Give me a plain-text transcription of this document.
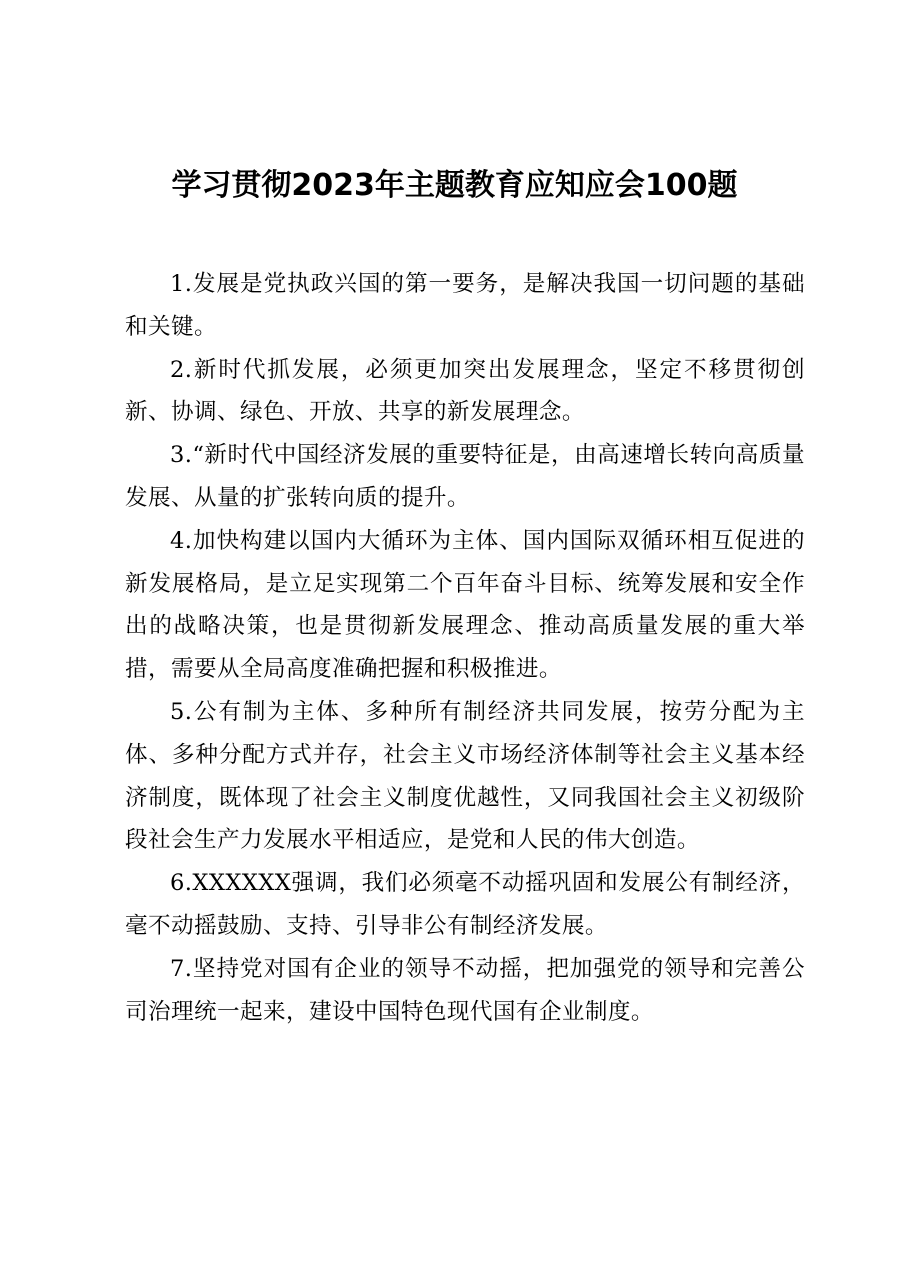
学习贯彻2023年主题教育应知应会100题

1.发展是党执政兴国的第一要务，是解决我国一切问题的基础和关键。

2.新时代抓发展，必须更加突出发展理念，坚定不移贯彻创新、协调、绿色、开放、共享的新发展理念。

3.“新时代中国经济发展的重要特征是，由高速增长转向高质量发展、从量的扩张转向质的提升。

4.加快构建以国内大循环为主体、国内国际双循环相互促进的新发展格局，是立足实现第二个百年奋斗目标、统筹发展和安全作出的战略决策，也是贯彻新发展理念、推动高质量发展的重大举措，需要从全局高度准确把握和积极推进。

5.公有制为主体、多种所有制经济共同发展，按劳分配为主体、多种分配方式并存，社会主义市场经济体制等社会主义基本经济制度，既体现了社会主义制度优越性，又同我国社会主义初级阶段社会生产力发展水平相适应，是党和人民的伟大创造。

6.XXXXXX强调，我们必须毫不动摇巩固和发展公有制经济，毫不动摇鼓励、支持、引导非公有制经济发展。

7.坚持党对国有企业的领导不动摇，把加强党的领导和完善公司治理统一起来，建设中国特色现代国有企业制度。
